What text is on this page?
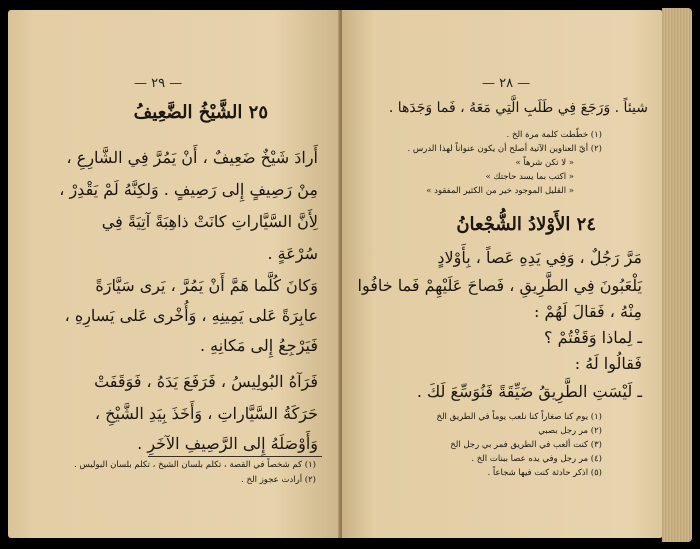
— ٢٩ —
٢٥ الشَّيْخُ الضَّعِيفُ
أَرادَ شَيْخٌ ضَعِيفٌ ، أَنْ يَمُرَّ فِي الشَّارِعِ ،
مِنْ رَصِيفٍ إِلى رَصِيفٍ . وَلكِنَّهُ لَمْ يَقْدِرْ ،
لِأَنَّ السَّيَّاراتِ كانَتْ ذاهِبَةً آتِيَةً فِي
سُرْعَةٍ .
وَكانَ كُلَّما هَمَّ أَنْ يَمُرَّ ، يَرى سَيَّارَةً
عابِرَةً عَلى يَمِينِهِ ، وَأُخْرى عَلى يَسارِهِ ،
فَيَرْجِعُ إِلى مَكانِهِ .
فَرَآهُ البُولِيسُ ، فَرَفَعَ يَدَهُ ، فَوَقَفَتْ
حَرَكَةُ السَّيَّاراتِ ، وَأَخَذَ بِيَدِ الشَّيْخِ ،
وَأَوْصَلَهُ إِلى الرَّصِيفِ الآخَرِ .
(١) كم شخصاً في القصة ، تكلم بلسان الشيخ ، تكلم بلسان البوليس .
(٢) أرادت عجوز الخ .
— ٢٨ —
شيئاً . وَرَجَعَ فِي طَلَبِ الَّتِي مَعَهُ ، فَما وَجَدَها .
(١) خطّطت كلمة مرة الخ .
(٢) أيّ العناوين الآتية أصلح أن يكون عنواناً لهذا الدرس .
« لا تكن شرهاً »
« اكتب بما يسد حاجتك »
« القليل الموجود خير من الكثير المفقود »
٢٤ الأَوْلادُ الشُّجْعانُ
مَرَّ رَجُلٌ ، وَفِي يَدِهِ عَصاً ، بِأَوْلادٍ
يَلْعَبُونَ فِي الطَّرِيقِ ، فَصاحَ عَلَيْهِمْ فَما خافُوا
مِنْهُ ، فَقالَ لَهُمْ :
ـ لِماذا وَقَفْتُمْ ؟
فَقالُوا لَهُ :
ـ لَيْسَتِ الطَّرِيقُ ضَيِّقَةً فَنُوَسِّعَ لَكَ .
(١) يوم كنا صغاراً كنا نلعب يوماً في الطريق الخ
(٢) مر رجل بصبي
(٣) كنت ألعب في الطريق فمر بي رجل الخ
(٤) مر رجل وفي يده عصا ببنات الخ .
(٥) اذكر حادثة كنت فيها شجاعاً .
